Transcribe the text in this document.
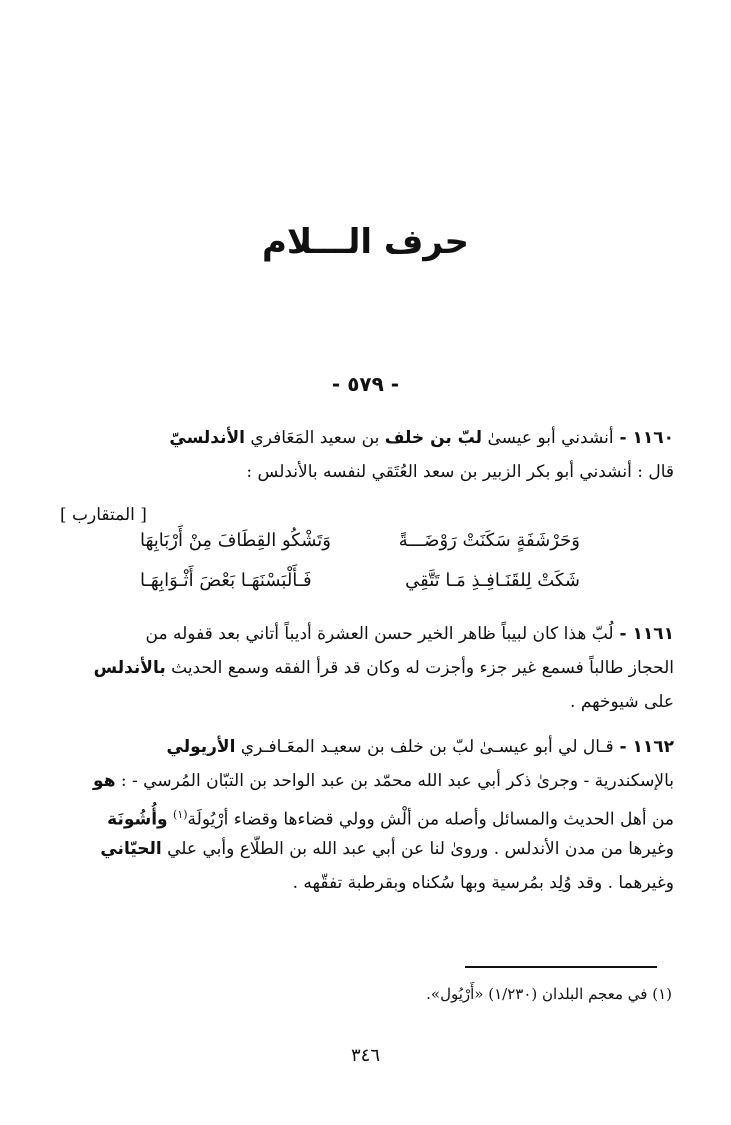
حرف الـــلام
- ٥٧٩ -
١١٦٠ - أنشدني أبو عيسىٰ لبّ بن خلف بن سعيد المَعَافري الأندلسيّ
قال : أنشدني أبو بكر الزبير بن سعد العُتَقي لنفسه بالأندلس :
[ المتقارب ]
وَحَرْشَفَةٍ سَكَنَتْ رَوْضَـــةً
وَتَشْكُو القِطَافَ مِنْ أَرْبَابِهَا
شَكَتْ لِلقَنَـافِـذِ مَـا تَتَّقِي
فَـأَلْبَسْنَهَـا بَعْضَ أَثْـوَابِهَـا
١١٦١ - لُبّ هذا كان لبيباً ظاهر الخير حسن العشرة أديباً أتاني بعد قفوله من
الحجاز طالباً فسمع غير جزء وأجزت له وكان قد قرأ الفقه وسمع الحديث بالأندلس
على شيوخهم .
١١٦٢ - قـال لي أبو عيسـىٰ لبّ بن خلف بن سعيـد المعَـافـري الأريولي
بالإسكندرية - وجرىٰ ذكر أبي عبد الله محمّد بن عبد الواحد بن التبّان المُرسي - : هو
من أهل الحديث والمسائل وأصله من ألْش وولي قضاءها وقضاء أرْيُولَة$^{(١)}$ وأُشُونَة
وغيرها من مدن الأندلس . وروىٰ لنا عن أبي عبد الله بن الطلّاع وأبي علي الحيّاني
وغيرهما . وقد وُلِد بمُرسية وبها سُكناه وبقرطبة تفقّهه .
(١) في معجم البلدان (١/٢٣٠) «أَرْيُول».
٣٤٦
